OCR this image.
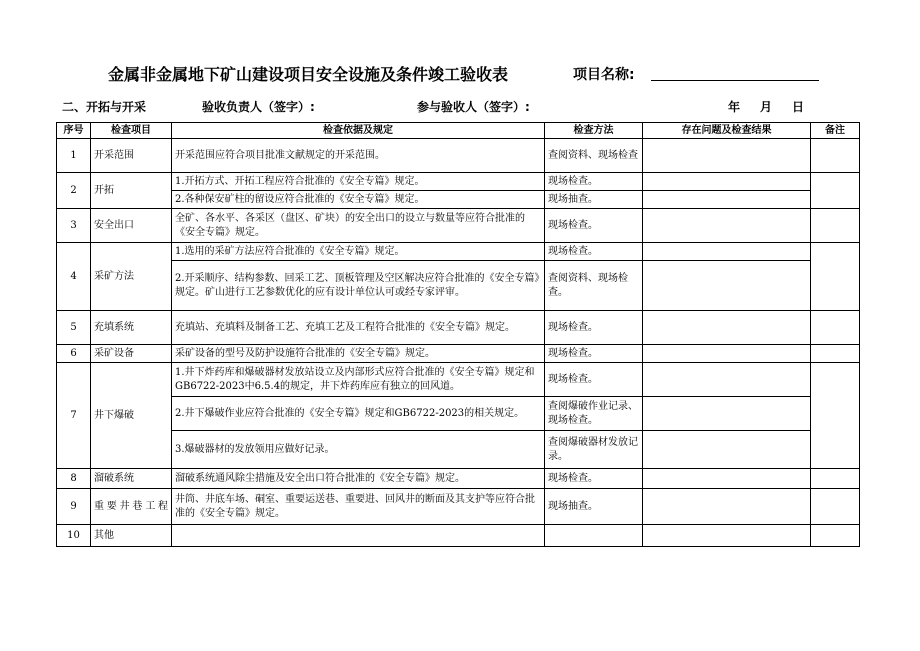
金属非金属地下矿山建设项目安全设施及条件竣工验收表	项目名称:
二、开拓与开采	验收负责人（签字）:	参与验收人（签字）:	年　月　日
序号	检查项目	检查依据及规定	检查方法	存在问题及检查结果	备注
1	开采范围	开采范围应符合项目批准文献规定的开采范围。	查阅资料、现场检查		
2	开拓	1.开拓方式、开拓工程应符合批准的《安全专篇》规定。	现场检查。		
		2.各种保安矿柱的留设应符合批准的《安全专篇》规定。	现场抽查。		
3	安全出口	全矿、各水平、各采区（盘区、矿块）的安全出口的设立与数量等应符合批准的《安全专篇》规定。	现场检查。		
4	采矿方法	1.选用的采矿方法应符合批准的《安全专篇》规定。	现场检查。		
		2.开采顺序、结构参数、回采工艺、顶板管理及空区解决应符合批准的《安全专篇》规定。矿山进行工艺参数优化的应有设计单位认可或经专家评审。	查阅资料、现场检查。		
5	充填系统	充填站、充填料及制备工艺、充填工艺及工程符合批准的《安全专篇》规定。	现场检查。		
6	采矿设备	采矿设备的型号及防护设施符合批准的《安全专篇》规定。	现场检查。		
7	井下爆破	1.井下炸药库和爆破器材发放站设立及内部形式应符合批准的《安全专篇》规定和GB6722-2023中6.5.4的规定，井下炸药库应有独立的回风道。	现场检查。		
		2.井下爆破作业应符合批准的《安全专篇》规定和GB6722-2023的相关规定。	查阅爆破作业记录、现场检查。		
		3.爆破器材的发放领用应做好记录。	查阅爆破器材发放记录。		
8	溜破系统	溜破系统通风除尘措施及安全出口符合批准的《安全专篇》规定。	现场检查。		
9	重要井巷工程	井筒、井底车场、硐室、重要运送巷、重要进、回风井的断面及其支护等应符合批准的《安全专篇》规定。	现场抽查。		
10	其他				
